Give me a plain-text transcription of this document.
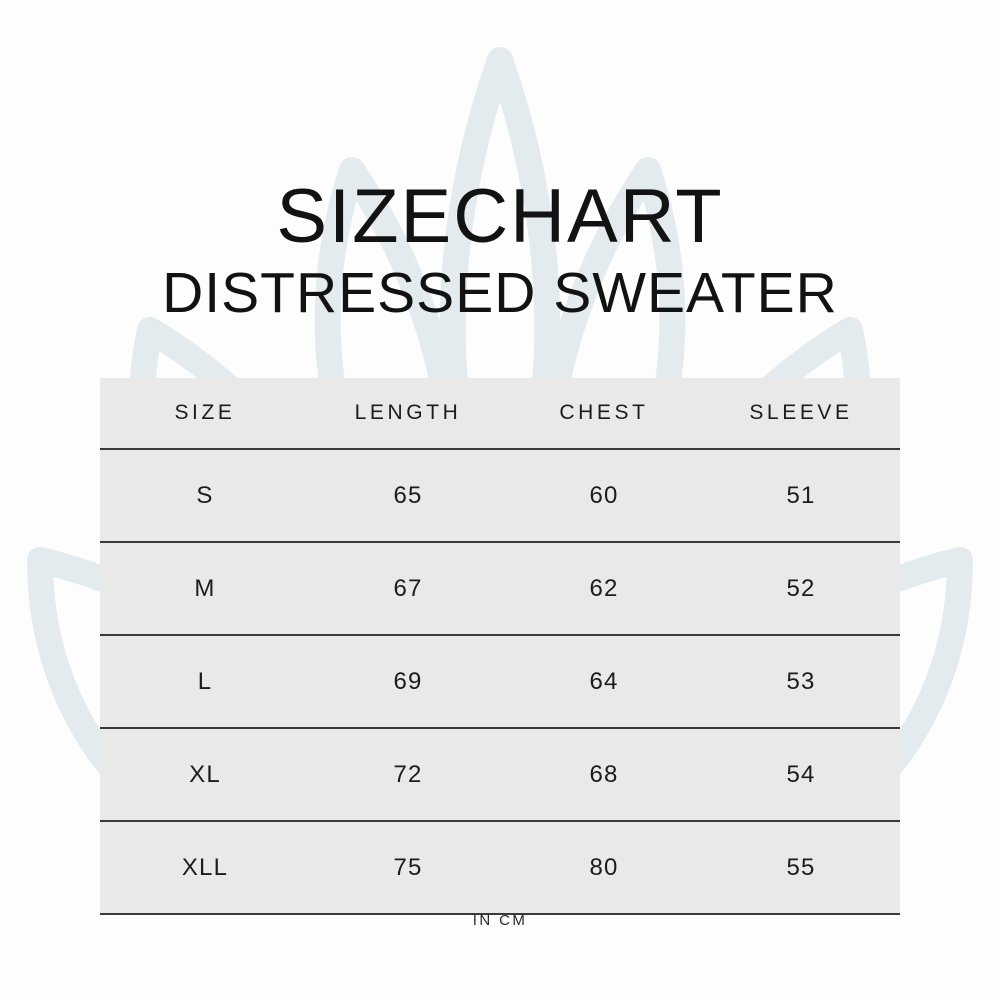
SIZECHART
DISTRESSED SWEATER
SIZE	LENGTH	CHEST	SLEEVE
S	65	60	51
M	67	62	52
L	69	64	53
XL	72	68	54
XLL	75	80	55
IN CM
